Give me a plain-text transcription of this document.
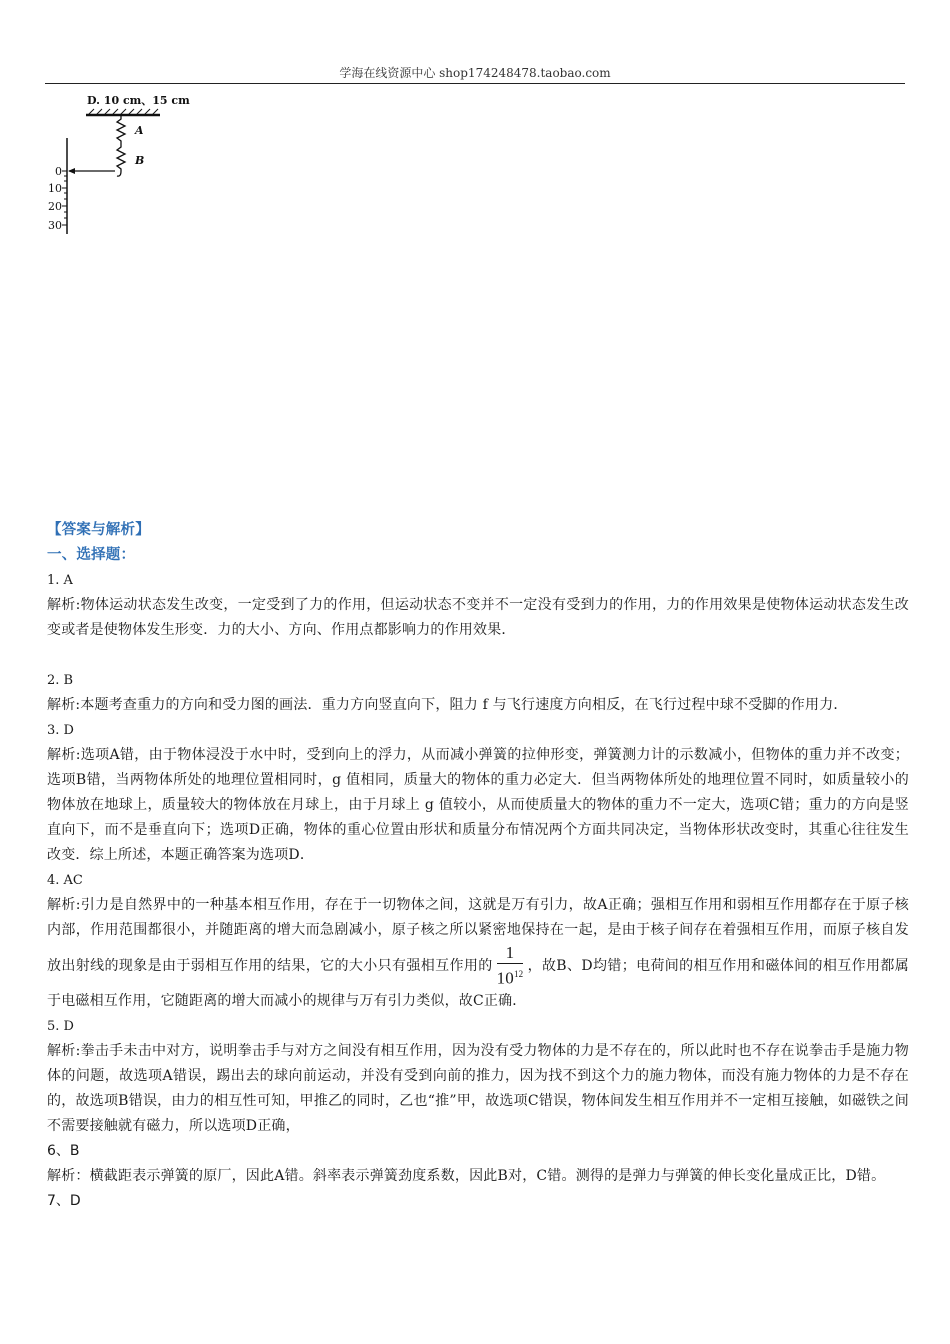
学海在线资源中心 shop174248478.taobao.com
D. 10 cm、15 cm
A
B
0
10
20
30

【答案与解析】

一、选择题：

1. A

解析:物体运动状态发生改变，一定受到了力的作用，但运动状态不变并不一定没有受到力的作用，力的作用效果是使物体运动状态发生改变或者是使物体发生形变．力的大小、方向、作用点都影响力的作用效果．

2. B

解析:本题考查重力的方向和受力图的画法．重力方向竖直向下，阻力 f 与飞行速度方向相反，在飞行过程中球不受脚的作用力．

3. D

解析:选项A错，由于物体浸没于水中时，受到向上的浮力，从而减小弹簧的拉伸形变，弹簧测力计的示数减小，但物体的重力并不改变；选项B错，当两物体所处的地理位置相同时，g 值相同，质量大的物体的重力必定大．但当两物体所处的地理位置不同时，如质量较小的物体放在地球上，质量较大的物体放在月球上，由于月球上 g 值较小，从而使质量大的物体的重力不一定大，选项C错；重力的方向是竖直向下，而不是垂直向下；选项D正确，物体的重心位置由形状和质量分布情况两个方面共同决定，当物体形状改变时，其重心往往发生改变．综上所述，本题正确答案为选项D．

4. AC

解析:引力是自然界中的一种基本相互作用，存在于一切物体之间，这就是万有引力，故A正确；强相互作用和弱相互作用都存在于原子核内部，作用范围都很小，并随距离的增大而急剧减小，原子核之所以紧密地保持在一起，是由于核子间存在着强相互作用，而原子核自发放出射线的现象是由于弱相互作用的结果，它的大小只有强相互作用的 $\frac{1}{10^{12}}$ ，故B、D均错；电荷间的相互作用和磁体间的相互作用都属于电磁相互作用，它随距离的增大而减小的规律与万有引力类似，故C正确．

5. D

解析:拳击手未击中对方，说明拳击手与对方之间没有相互作用，因为没有受力物体的力是不存在的，所以此时也不存在说拳击手是施力物体的问题，故选项A错误，踢出去的球向前运动，并没有受到向前的推力，因为找不到这个力的施力物体，而没有施力物体的力是不存在的，故选项B错误，由力的相互性可知，甲推乙的同时，乙也“推”甲，故选项C错误，物体间发生相互作用并不一定相互接触，如磁铁之间不需要接触就有磁力，所以选项D正确，

6、B

解析：横截距表示弹簧的原厂，因此A错。斜率表示弹簧劲度系数，因此B对，C错。测得的是弹力与弹簧的伸长变化量成正比，D错。

7、D
